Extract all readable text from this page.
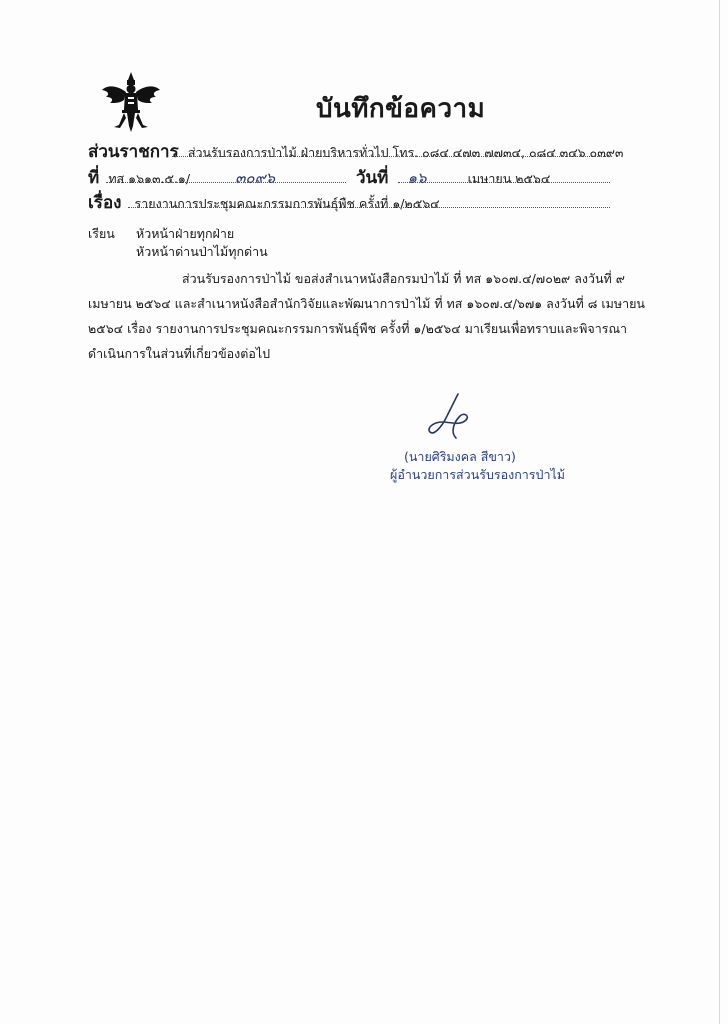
บันทึกข้อความ
ส่วนราชการ ส่วนรับรองการป่าไม้ ฝ่ายบริหารทั่วไป โทร. ๐๘๔ ๔๗๓ ๗๗๓๔, ๐๘๔ ๓๔๖ ๐๓๙๓
ที่ ทส ๑๖๑๓.๕.๑/	๓๐๙๖	วันที่ ๑๖	เมษายน ๒๕๖๔
เรื่อง รายงานการประชุมคณะกรรมการพันธุ์พืช ครั้งที่ ๑/๒๕๖๔
เรียน หัวหน้าฝ่ายทุกฝ่าย
หัวหน้าด่านป่าไม้ทุกด่าน
ส่วนรับรองการป่าไม้ ขอส่งสำเนาหนังสือกรมป่าไม้ ที่ ทส ๑๖๐๗.๔/๗๐๒๙ ลงวันที่ ๙
เมษายน ๒๕๖๔ และสำเนาหนังสือสำนักวิจัยและพัฒนาการป่าไม้ ที่ ทส ๑๖๐๗.๔/๖๗๑ ลงวันที่ ๘ เมษายน
๒๕๖๔ เรื่อง รายงานการประชุมคณะกรรมการพันธุ์พืช ครั้งที่ ๑/๒๕๖๔ มาเรียนเพื่อทราบและพิจารณา
ดำเนินการในส่วนที่เกี่ยวข้องต่อไป
(นายศิริมงคล สีขาว)
ผู้อำนวยการส่วนรับรองการป่าไม้
